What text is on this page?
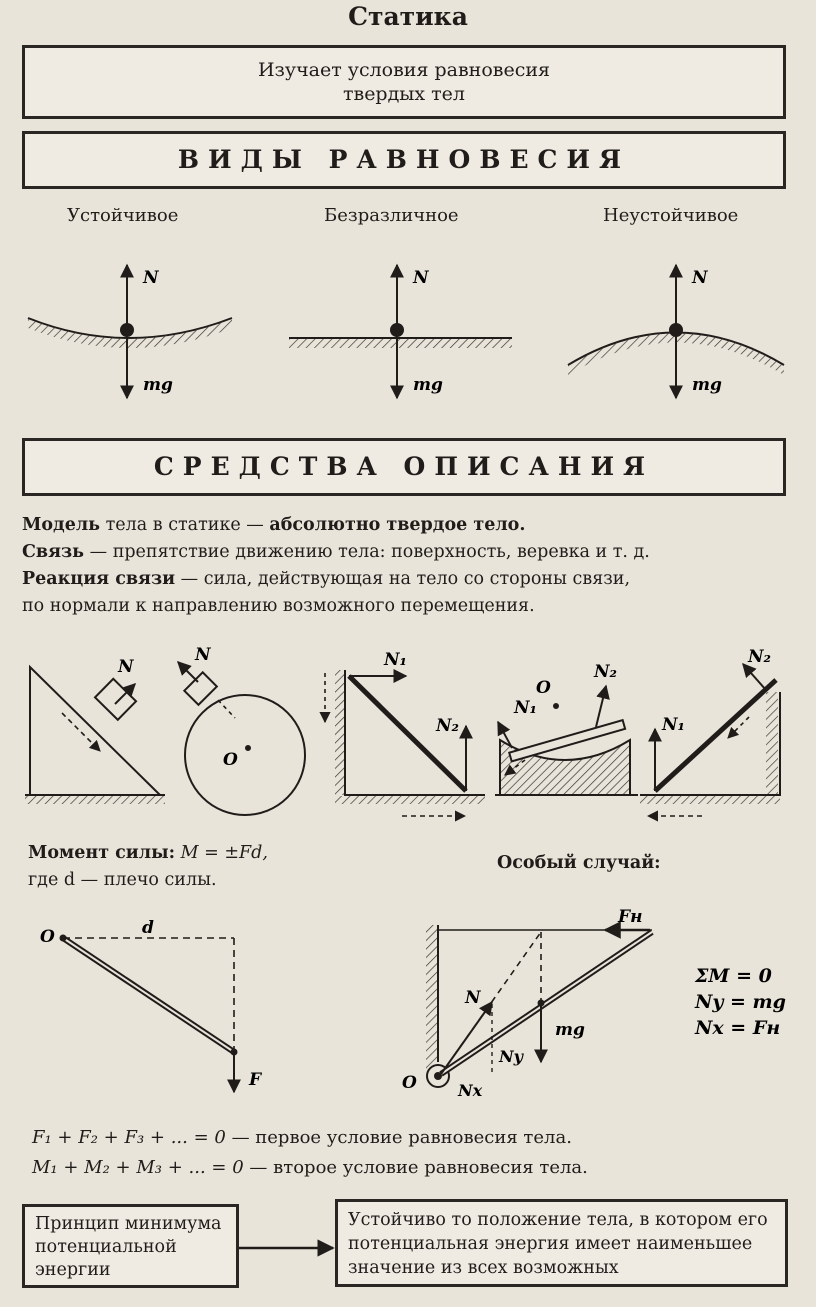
Статика
Изучает условия равновесия
твердых тел
ВИДЫ РАВНОВЕСИЯ
Устойчивое	Безразличное	Неустойчивое
СРЕДСТВА ОПИСАНИЯ
Модель тела в статике — абсолютно твердое тело.
Связь — препятствие движению тела: поверхность, веревка и т. д.
Реакция связи — сила, действующая на тело со стороны связи,
по нормали к направлению возможного перемещения.
Момент силы: M = ±Fd,
где d — плечо силы.
Особый случай:
F₁ + F₂ + F₃ + ... = 0 — первое условие равновесия тела.
M₁ + M₂ + M₃ + ... = 0 — второе условие равновесия тела.
Принцип минимума потенциальной энергии
Устойчиво то положение тела, в котором его потенциальная энергия имеет наименьшее значение из всех возможных
N
mg
N
mg
N
mg
N
N
O
N₁
N₂
O
N₁
N₂
N₁
N₂
O	d
F	O
N
mg
Fн
Ny
Nx
ΣM = 0
Ny = mg
Nx = Fн
